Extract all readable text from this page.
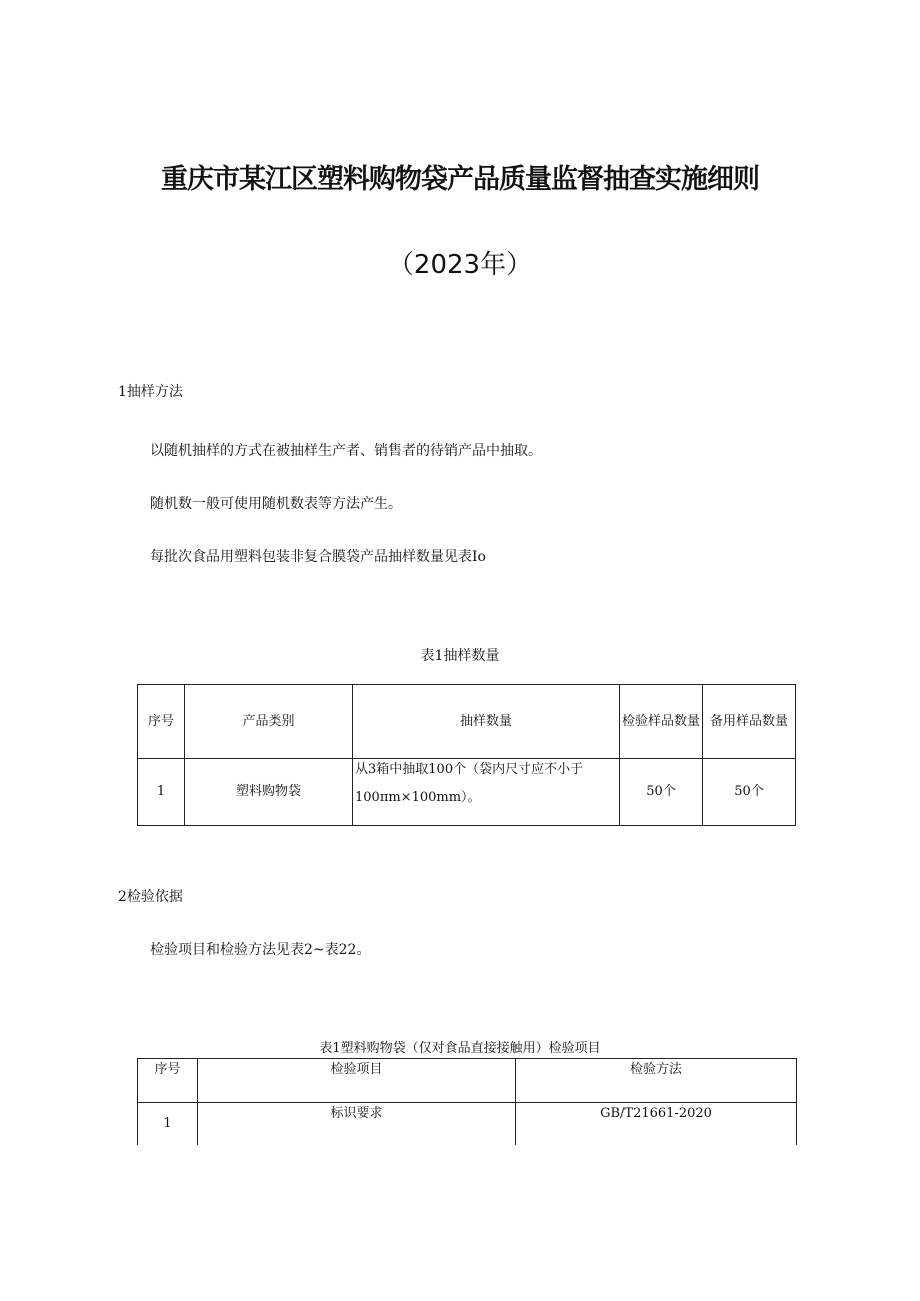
重庆市某江区塑料购物袋产品质量监督抽查实施细则
（2023年）
1抽样方法
以随机抽样的方式在被抽样生产者、销售者的待销产品中抽取。
随机数一般可使用随机数表等方法产生。
每批次食品用塑料包装非复合膜袋产品抽样数量见表Io
表1抽样数量
序号	产品类别	抽样数量	检验样品数量	备用样品数量
1	塑料购物袋	从3箱中抽取100个（袋内尺寸应不小于
100πm×100mm）。	50个	50个
2检验依据
检验项目和检验方法见表2~表22。
表1塑料购物袋（仅对食品直接接触用）检验项目
序号	检验项目	检验方法
1	标识要求	GB/T21661-2020
